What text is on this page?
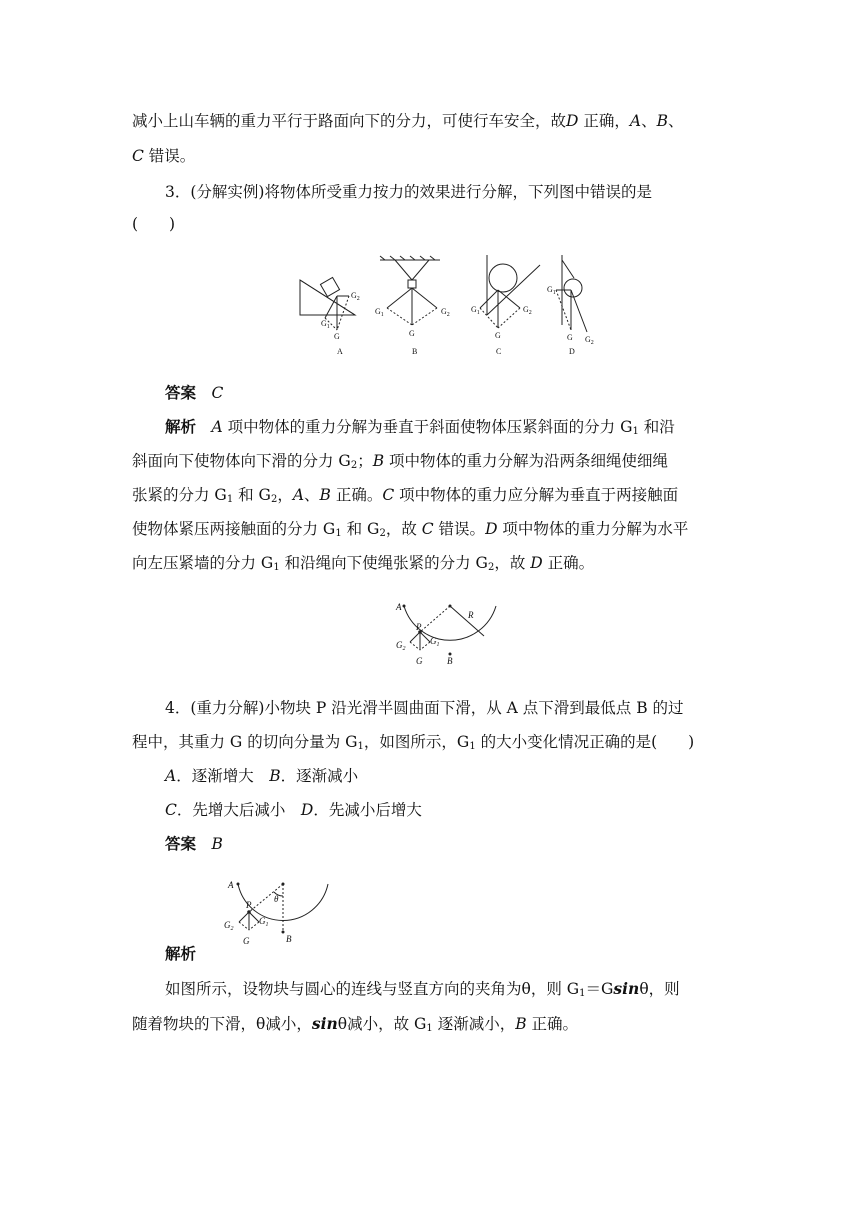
减小上山车辆的重力平行于路面向下的分力，可使行车安全，故D 正确，A、B、
C 错误。
3．(分解实例)将物体所受重力按力的效果进行分解，下列图中错误的是
(　　)
$G_1$
G
$G_2$
$G_1$
G
$G_2$
$G_1$
G
$G_2$
$G_1$
G $G_2$
A	B	C	D
答案　 C
解析　 A 项中物体的重力分解为垂直于斜面使物体压紧斜面的分力 $G_1$ 和沿
斜面向下使物体向下滑的分力 $G_2$；B 项中物体的重力分解为沿两条细绳使细绳
张紧的分力 $G_1$ 和 $G_2$，A、B 正确。C 项中物体的重力应分解为垂直于两接触面
使物体紧压两接触面的分力 $G_1$ 和 $G_2$，故 C 错误。D 项中物体的重力分解为水平
向左压紧墙的分力 $G_1$ 和沿绳向下使绳张紧的分力 $G_2$，故 D 正确。
A
P
R
B
G
$G_2$
$G_1$
4．(重力分解)小物块 P 沿光滑半圆曲面下滑，从 A 点下滑到最低点 B 的过
程中，其重力 G 的切向分量为 $G_1$，如图所示，$G_1$ 的大小变化情况正确的是(　　)
A．逐渐增大　 B．逐渐减小
C．先增大后减小　 D．先减小后增大
答案　 B
A
P
θ
B
G
$G_2$
$G_1$
解析
如图所示，设物块与圆心的连线与竖直方向的夹角为θ，则 $G_1=Gsin\theta$，则
随着物块的下滑，θ减小，sinθ减小，故 $G_1$ 逐渐减小，B 正确。
